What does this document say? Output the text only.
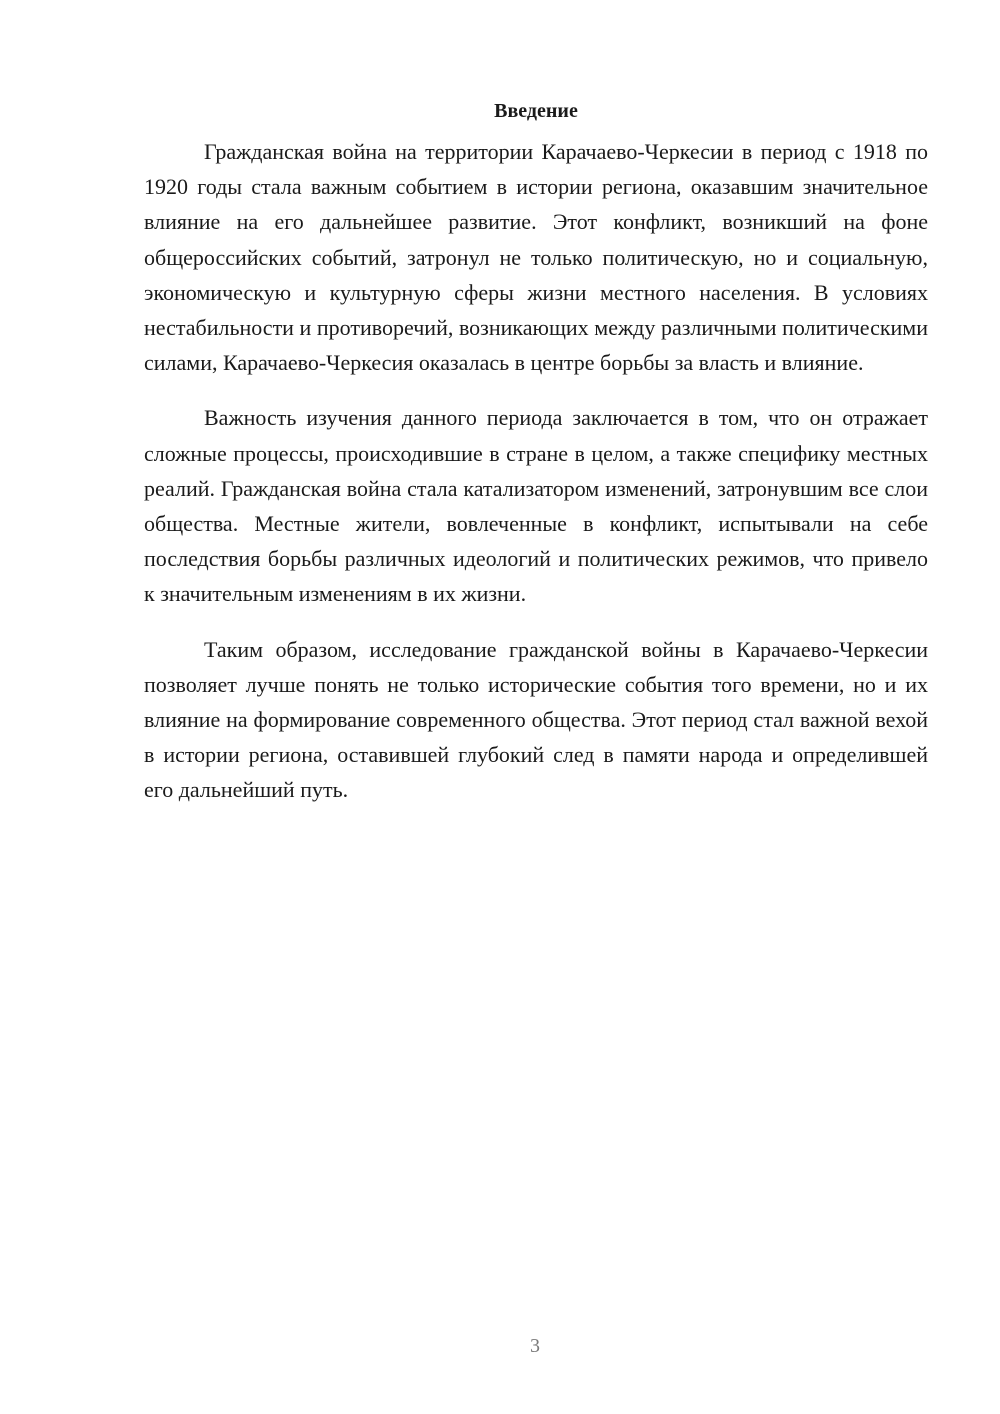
Введение

Гражданская война на территории Карачаево-Черкесии в период с 1918 по 1920 годы стала важным событием в истории региона, оказавшим значительное влияние на его дальнейшее развитие. Этот конфликт, возникший на фоне общероссийских событий, затронул не только политическую, но и социальную, экономическую и культурную сферы жизни местного населения. В условиях нестабильности и противоречий, возникающих между различными политическими силами, Карачаево-Черкесия оказалась в центре борьбы за власть и влияние.

Важность изучения данного периода заключается в том, что он отражает сложные процессы, происходившие в стране в целом, а также специфику местных реалий. Гражданская война стала катализатором изменений, затронувшим все слои общества. Местные жители, вовлеченные в конфликт, испытывали на себе последствия борьбы различных идеологий и политических режимов, что привело к значительным изменениям в их жизни.

Таким образом, исследование гражданской войны в Карачаево-Черкесии позволяет лучше понять не только исторические события того времени, но и их влияние на формирование современного общества. Этот период стал важной вехой в истории региона, оставившей глубокий след в памяти народа и определившей его дальнейший путь.

3
